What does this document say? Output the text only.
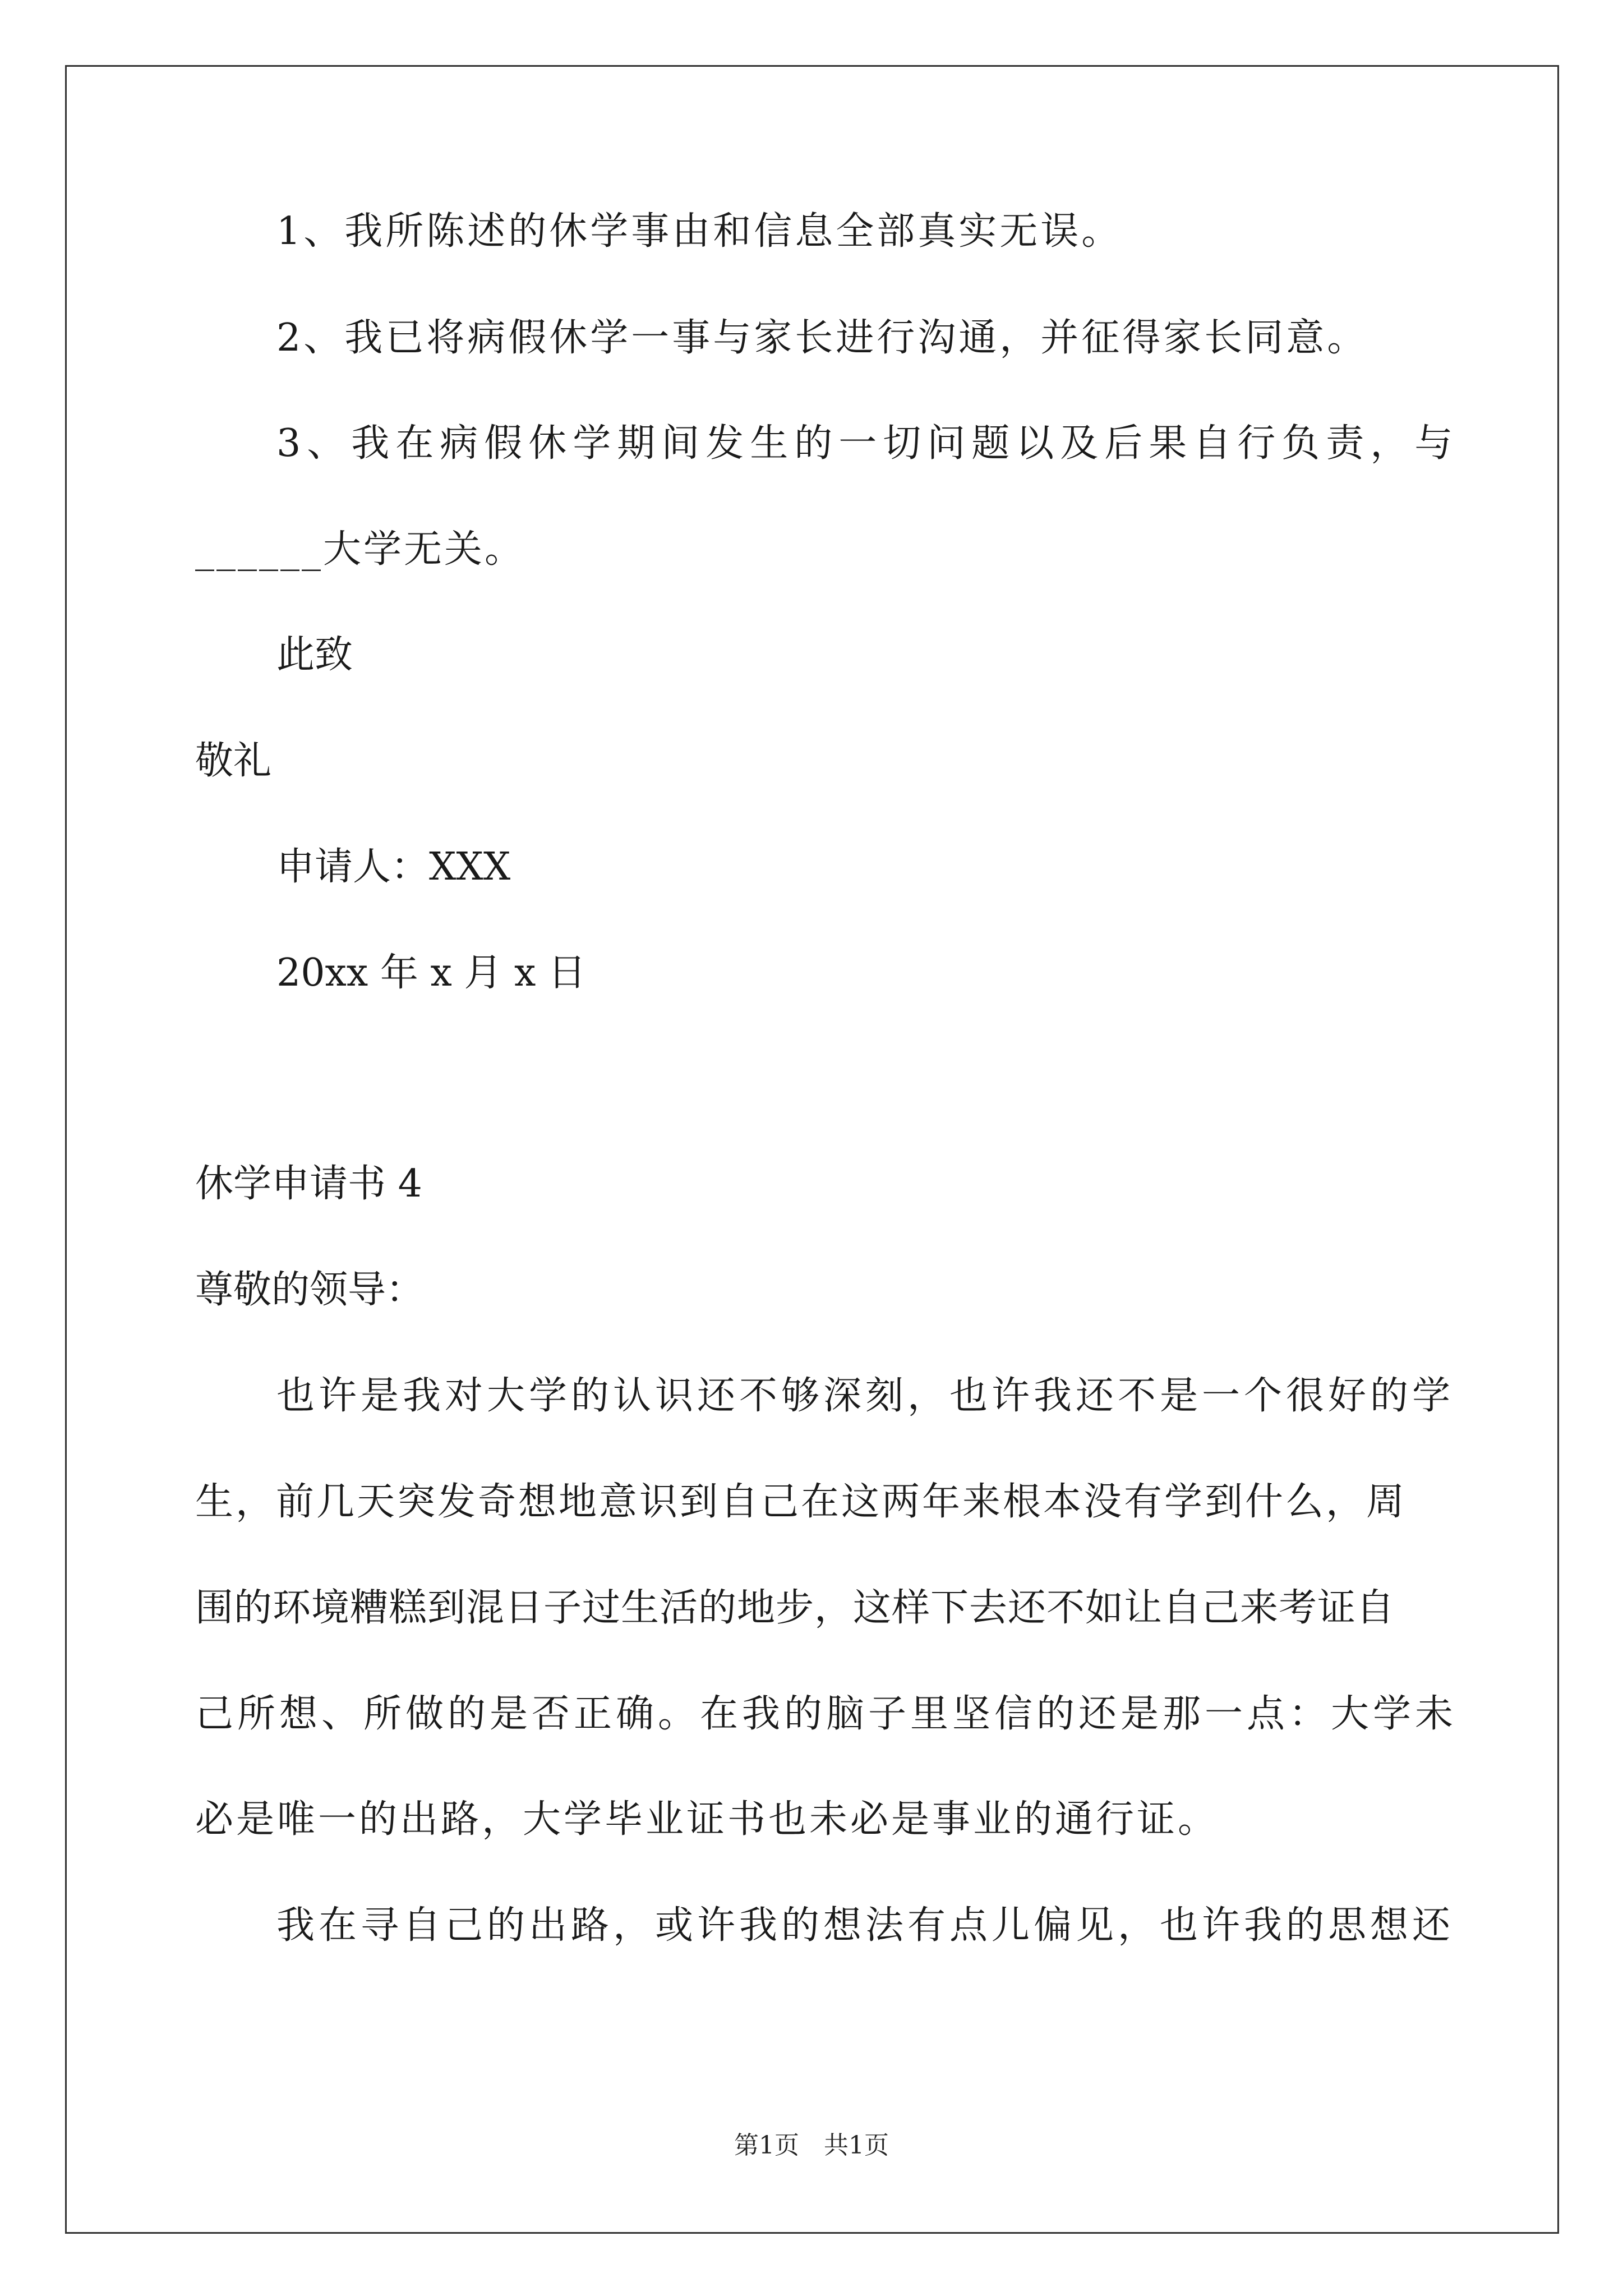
1、我所陈述的休学事由和信息全部真实无误。

2、我已将病假休学一事与家长进行沟通，并征得家长同意。

3、我在病假休学期间发生的一切问题以及后果自行负责，与

______大学无关。

此致

敬礼

申请人：XXX

20xx 年 x 月 x 日

休学申请书 4

尊敬的领导：

也许是我对大学的认识还不够深刻，也许我还不是一个很好的学

生，前几天突发奇想地意识到自己在这两年来根本没有学到什么，周

围的环境糟糕到混日子过生活的地步，这样下去还不如让自己来考证自

己所想、所做的是否正确。在我的脑子里坚信的还是那一点：大学未

必是唯一的出路，大学毕业证书也未必是事业的通行证。

我在寻自己的出路，或许我的想法有点儿偏见，也许我的思想还

第1页　共1页
